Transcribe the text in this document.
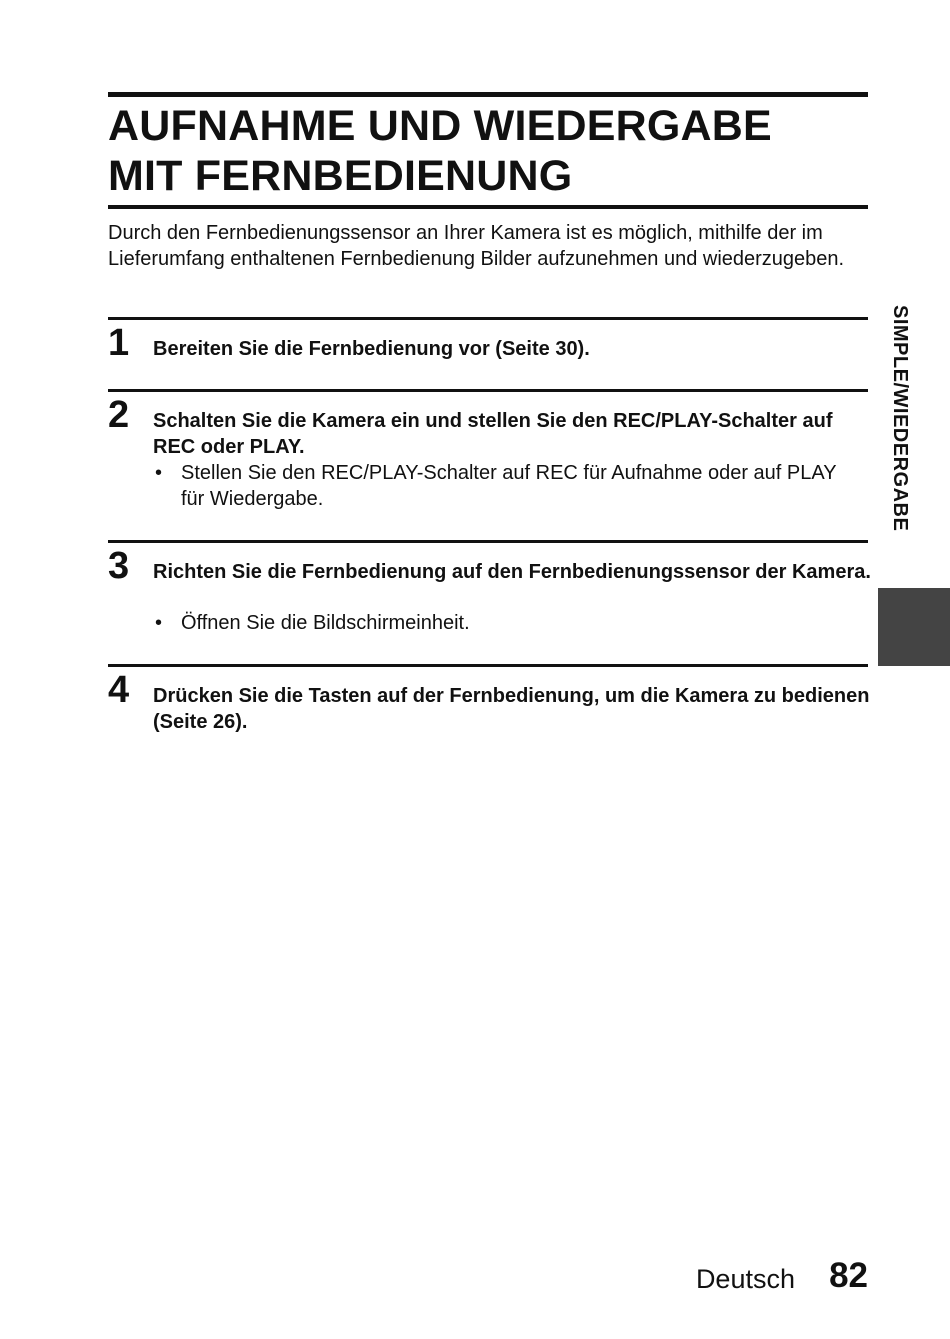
AUFNAHME UND WIEDERGABE
MIT FERNBEDIENUNG

Durch den Fernbedienungssensor an Ihrer Kamera ist es möglich, mithilfe der im Lieferumfang enthaltenen Fernbedienung Bilder aufzunehmen und wiederzugeben.

1 Bereiten Sie die Fernbedienung vor (Seite 30).
2 Schalten Sie die Kamera ein und stellen Sie den REC/PLAY-Schalter auf REC oder PLAY.
• Stellen Sie den REC/PLAY-Schalter auf REC für Aufnahme oder auf PLAY für Wiedergabe.
3 Richten Sie die Fernbedienung auf den Fernbedienungssensor der Kamera.
• Öffnen Sie die Bildschirmeinheit.
4 Drücken Sie die Tasten auf der Fernbedienung, um die Kamera zu bedienen (Seite 26).
SIMPLE/WIEDERGABE
Deutsch 82
